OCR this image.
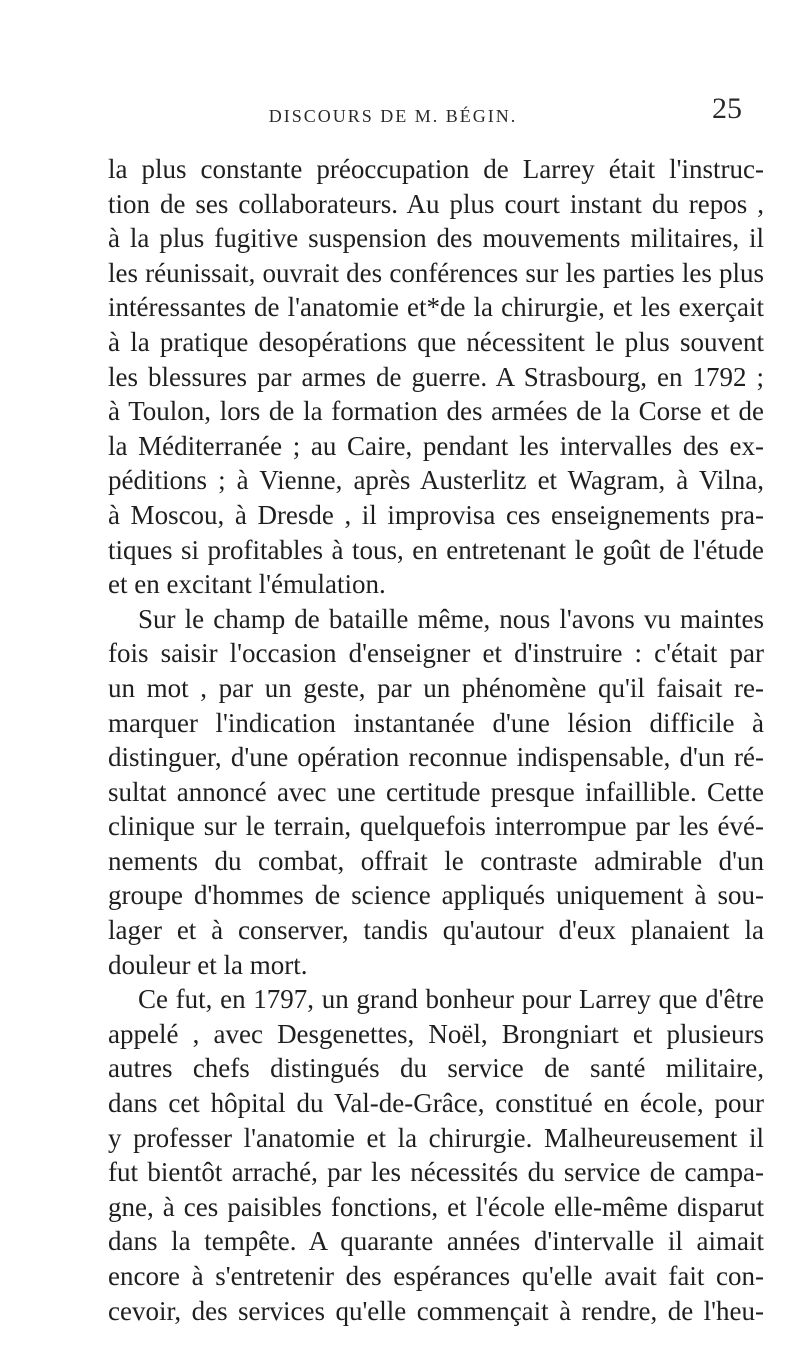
DISCOURS DE M. BÉGIN.	25
la plus constante préoccupation de Larrey était l'instruc-
tion de ses collaborateurs. Au plus court instant du repos ,
à la plus fugitive suspension des mouvements militaires, il
les réunissait, ouvrait des conférences sur les parties les plus
intéressantes de l'anatomie et*de la chirurgie, et les exerçait
à la pratique desopérations que nécessitent le plus souvent
les blessures par armes de guerre. A Strasbourg, en 1792 ;
à Toulon, lors de la formation des armées de la Corse et de
la Méditerranée ; au Caire, pendant les intervalles des ex-
péditions ; à Vienne, après Austerlitz et Wagram, à Vilna,
à Moscou, à Dresde , il improvisa ces enseignements pra-
tiques si profitables à tous, en entretenant le goût de l'étude
et en excitant l'émulation.
Sur le champ de bataille même, nous l'avons vu maintes
fois saisir l'occasion d'enseigner et d'instruire : c'était par
un mot , par un geste, par un phénomène qu'il faisait re-
marquer l'indication instantanée d'une lésion difficile à
distinguer, d'une opération reconnue indispensable, d'un ré-
sultat annoncé avec une certitude presque infaillible. Cette
clinique sur le terrain, quelquefois interrompue par les évé-
nements du combat, offrait le contraste admirable d'un
groupe d'hommes de science appliqués uniquement à sou-
lager et à conserver, tandis qu'autour d'eux planaient la
douleur et la mort.
Ce fut, en 1797, un grand bonheur pour Larrey que d'être
appelé , avec Desgenettes, Noël, Brongniart et plusieurs
autres chefs distingués du service de santé militaire,
dans cet hôpital du Val-de-Grâce, constitué en école, pour
y professer l'anatomie et la chirurgie. Malheureusement il
fut bientôt arraché, par les nécessités du service de campa-
gne, à ces paisibles fonctions, et l'école elle-même disparut
dans la tempête. A quarante années d'intervalle il aimait
encore à s'entretenir des espérances qu'elle avait fait con-
cevoir, des services qu'elle commençait à rendre, de l'heu-
